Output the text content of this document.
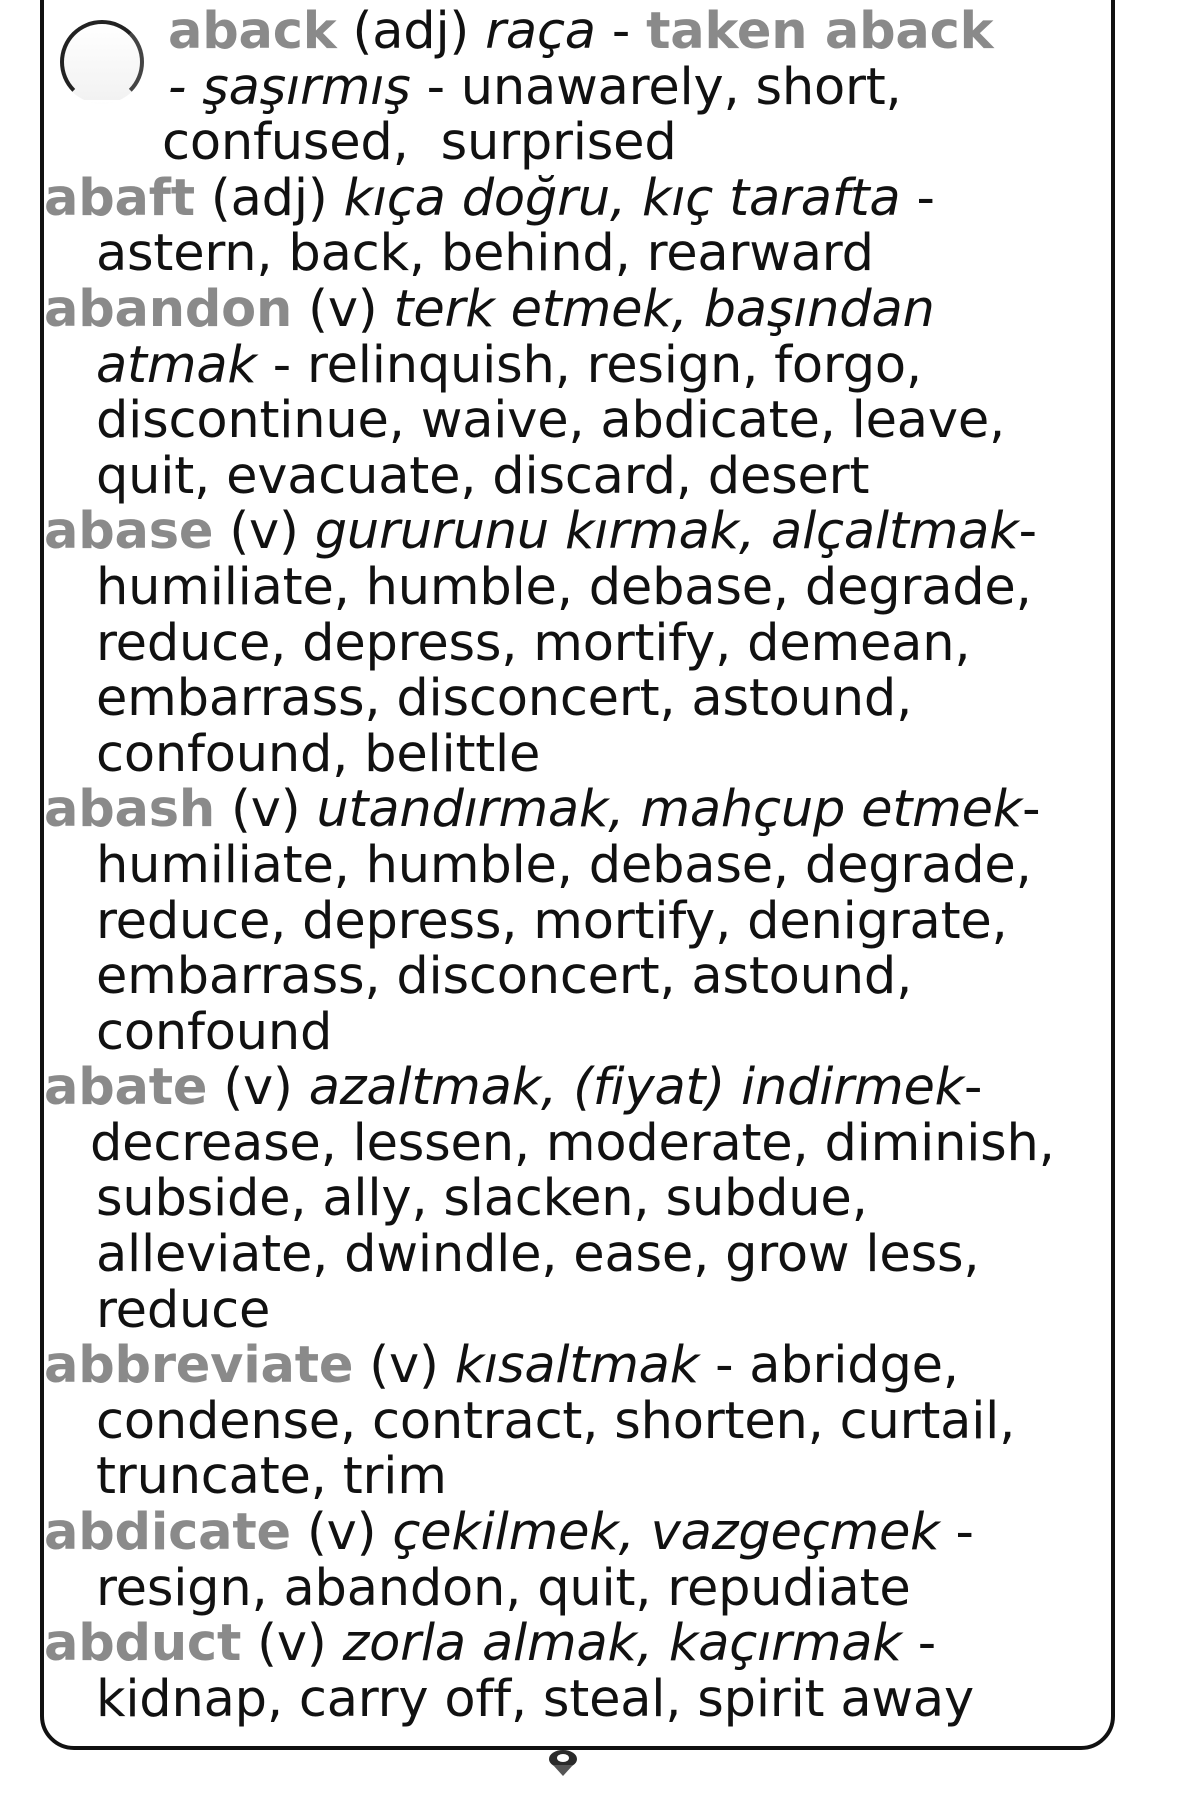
aback (adj) raça - taken aback
- şaşırmış - unawarely, short,
confused,  surprised
abaft (adj) kıça doğru, kıç tarafta -
astern, back, behind, rearward
abandon (v) terk etmek, başından
atmak - relinquish, resign, forgo,
discontinue, waive, abdicate, leave,
quit, evacuate, discard, desert
abase (v) gururunu kırmak, alçaltmak-
humiliate, humble, debase, degrade,
reduce, depress, mortify, demean,
embarrass, disconcert, astound,
confound, belittle
abash (v) utandırmak, mahçup etmek-
humiliate, humble, debase, degrade,
reduce, depress, mortify, denigrate,
embarrass, disconcert, astound,
confound
abate (v) azaltmak, (fiyat) indirmek-
decrease, lessen, moderate, diminish,
subside, ally, slacken, subdue,
alleviate, dwindle, ease, grow less,
reduce
abbreviate (v) kısaltmak - abridge,
condense, contract, shorten, curtail,
truncate, trim
abdicate (v) çekilmek, vazgeçmek -
resign, abandon, quit, repudiate
abduct (v) zorla almak, kaçırmak -
kidnap, carry off, steal, spirit away
